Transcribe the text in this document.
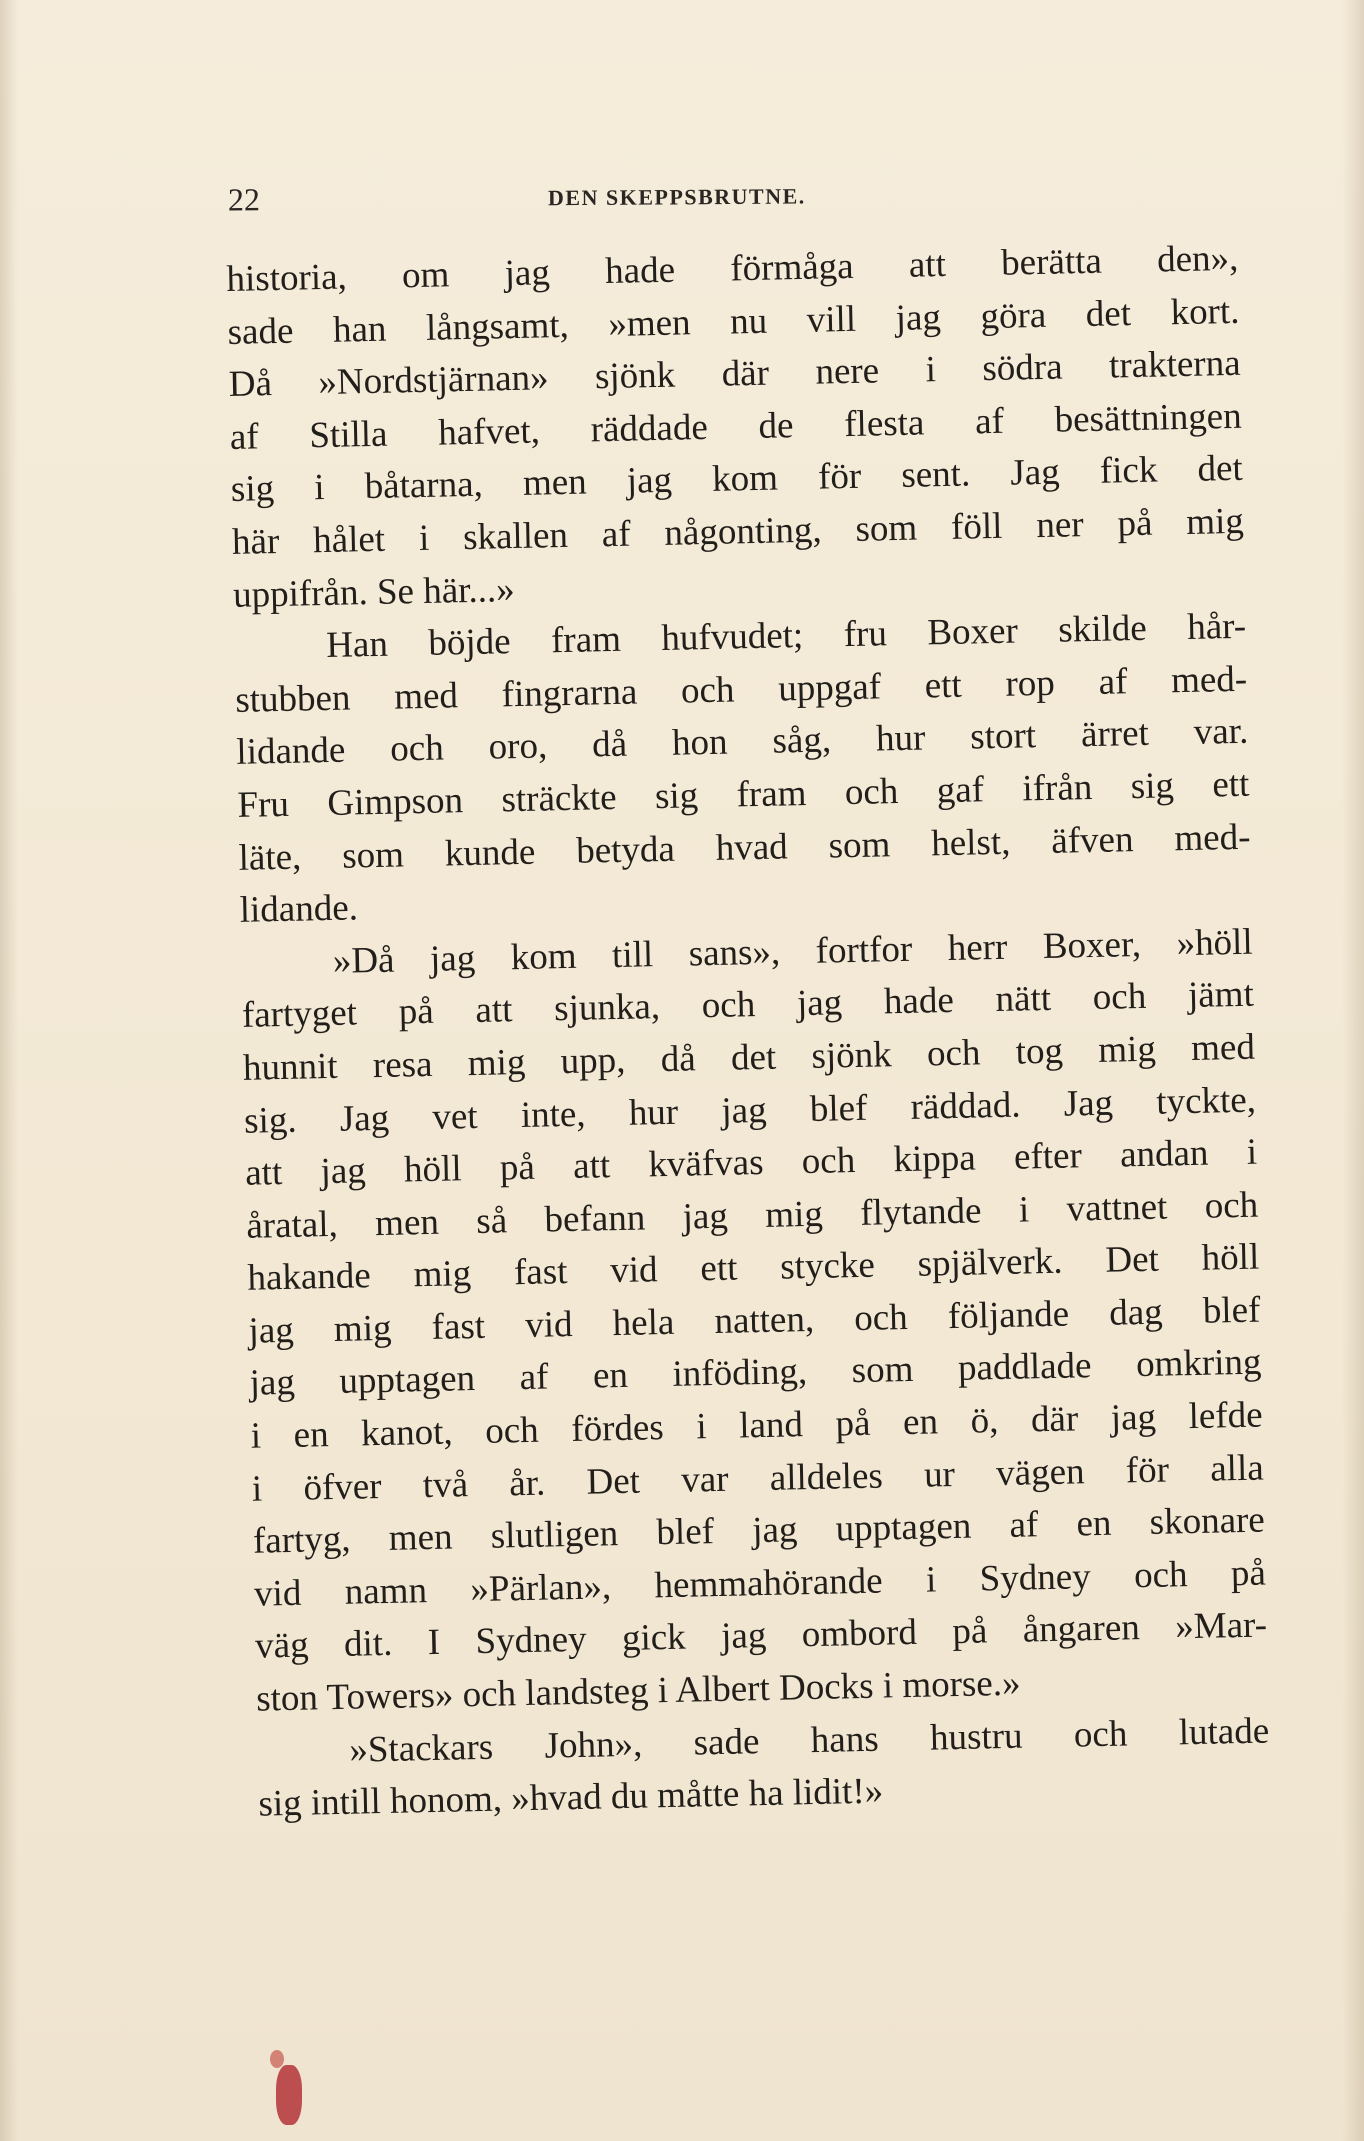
22	DEN SKEPPSBRUTNE.
historia, om jag hade förmåga att berätta den»,
sade han långsamt, »men nu vill jag göra det kort.
Då »Nordstjärnan» sjönk där nere i södra trakterna
af Stilla hafvet, räddade de flesta af besättningen
sig i båtarna, men jag kom för sent. Jag fick det
här hålet i skallen af någonting, som föll ner på mig
uppifrån. Se här...»
Han böjde fram hufvudet; fru Boxer skilde hår-
stubben med fingrarna och uppgaf ett rop af med-
lidande och oro, då hon såg, hur stort ärret var.
Fru Gimpson sträckte sig fram och gaf ifrån sig ett
läte, som kunde betyda hvad som helst, äfven med-
lidande.
»Då jag kom till sans», fortfor herr Boxer, »höll
fartyget på att sjunka, och jag hade nätt och jämt
hunnit resa mig upp, då det sjönk och tog mig med
sig. Jag vet inte, hur jag blef räddad. Jag tyckte,
att jag höll på att kväfvas och kippa efter andan i
åratal, men så befann jag mig flytande i vattnet och
hakande mig fast vid ett stycke spjälverk. Det höll
jag mig fast vid hela natten, och följande dag blef
jag upptagen af en inföding, som paddlade omkring
i en kanot, och fördes i land på en ö, där jag lefde
i öfver två år. Det var alldeles ur vägen för alla
fartyg, men slutligen blef jag upptagen af en skonare
vid namn »Pärlan», hemmahörande i Sydney och på
väg dit. I Sydney gick jag ombord på ångaren »Mar-
ston Towers» och landsteg i Albert Docks i morse.»
»Stackars John», sade hans hustru och lutade
sig intill honom, »hvad du måtte ha lidit!»
